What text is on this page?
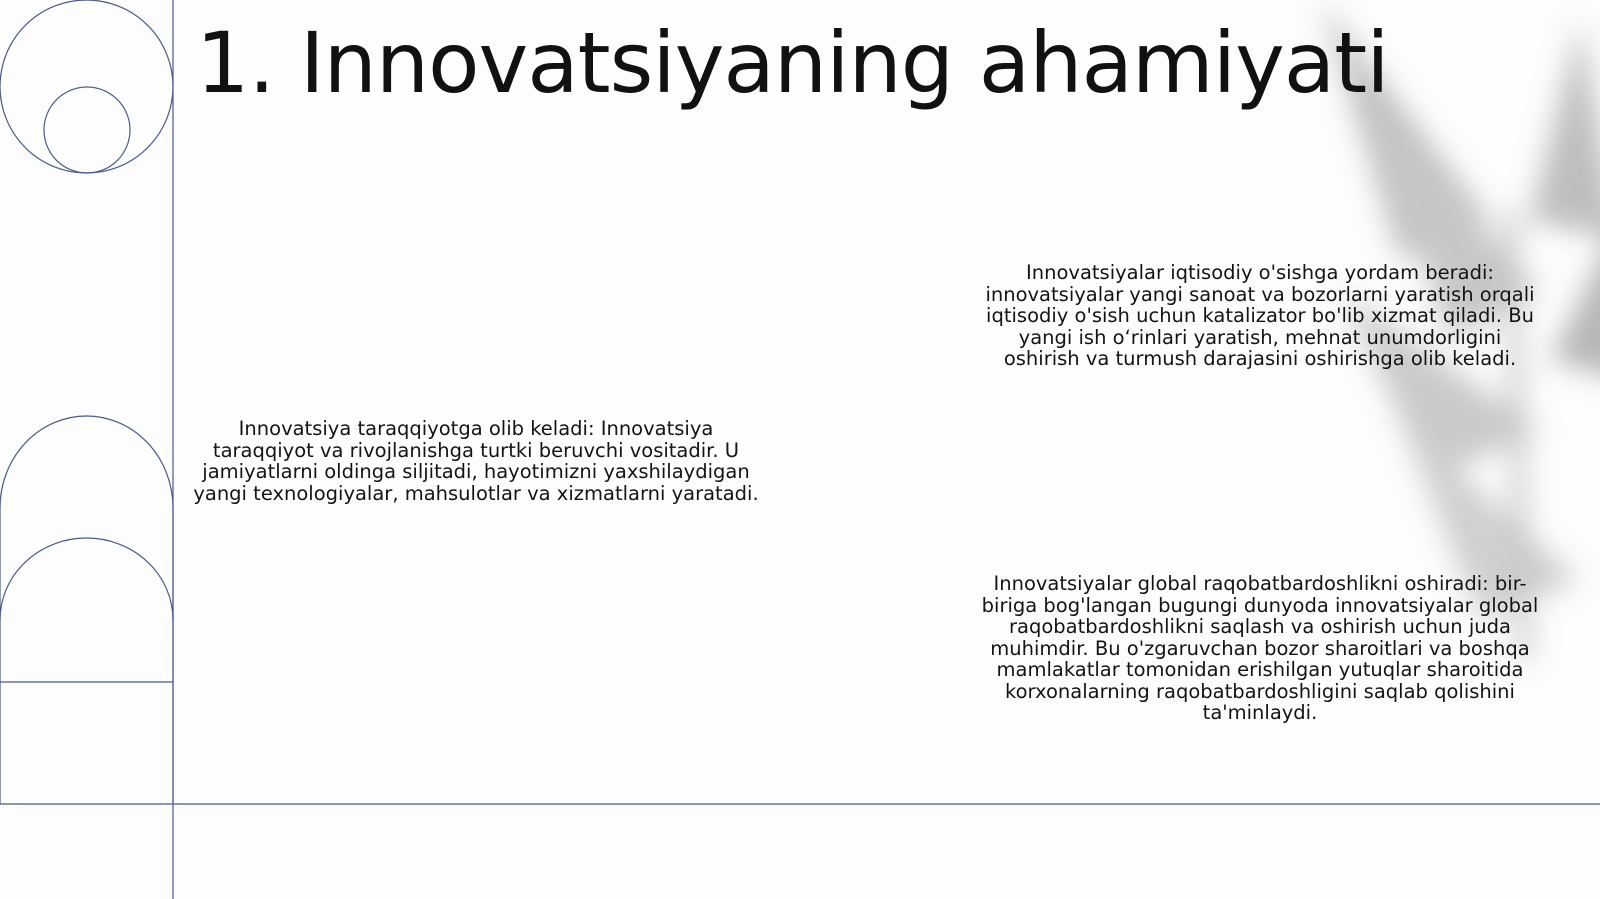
1. Innovatsiyaning ahamiyati

Innovatsiya taraqqiyotga olib keladi: Innovatsiya taraqqiyot va rivojlanishga turtki beruvchi vositadir. U jamiyatlarni oldinga siljitadi, hayotimizni yaxshilaydigan yangi texnologiyalar, mahsulotlar va xizmatlarni yaratadi.

Innovatsiyalar iqtisodiy o'sishga yordam beradi: innovatsiyalar yangi sanoat va bozorlarni yaratish orqali iqtisodiy o'sish uchun katalizator bo'lib xizmat qiladi. Bu yangi ish o‘rinlari yaratish, mehnat unumdorligini oshirish va turmush darajasini oshirishga olib keladi.

Innovatsiyalar global raqobatbardoshlikni oshiradi: bir-biriga bog'langan bugungi dunyoda innovatsiyalar global raqobatbardoshlikni saqlash va oshirish uchun juda muhimdir. Bu o'zgaruvchan bozor sharoitlari va boshqa mamlakatlar tomonidan erishilgan yutuqlar sharoitida korxonalarning raqobatbardoshligini saqlab qolishini ta'minlaydi.
